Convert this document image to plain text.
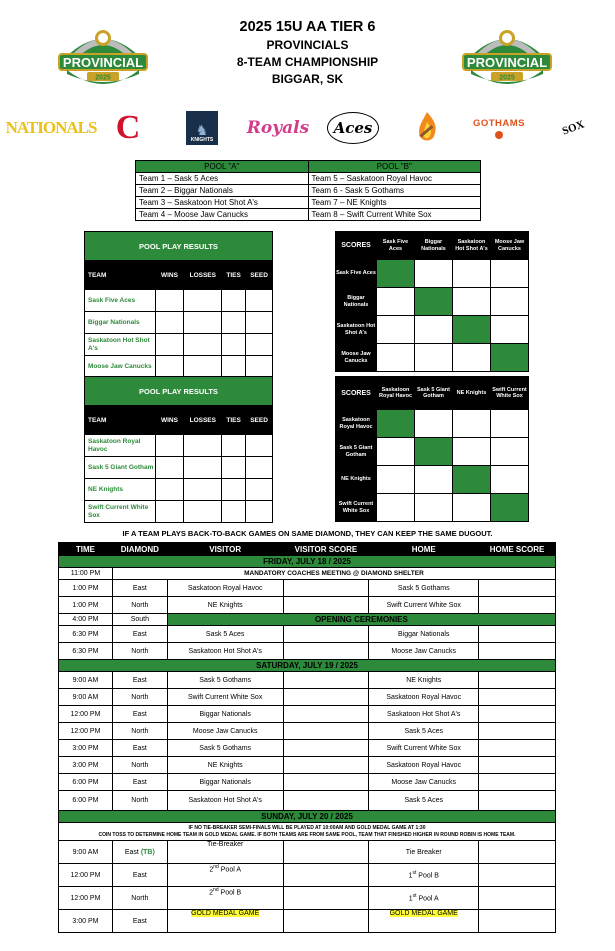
2025 15U AA TIER 6
PROVINCIALS
8-TEAM CHAMPIONSHIP
BIGGAR, SK
PROVINCIAL
2025
PROVINCIAL
2025
NATIONALS C	♞
KNIGHTS
Royals Aces	GOTHAMS	SOX
POOL "A"	POOL "B"
Team 1 – Sask 5 Aces	Team 5 – Saskatoon Royal Havoc
Team 2 – Biggar Nationals	Team 6 - Sask 5 Gothams
Team 3 – Saskatoon Hot Shot A's	Team 7 – NE Knights
Team 4 – Moose Jaw Canucks	Team 8 – Swift Current White Sox
POOL PLAY RESULTS				
TEAM	WINS	LOSSES	TIES	SEED
Sask Five Aces				
Biggar Nationals				
Saskatoon Hot Shot A's				
Moose Jaw Canucks				
POOL PLAY RESULTS				
TEAM	WINS	LOSSES	TIES	SEED
Saskatoon Royal Havoc				
Sask 5 Giant Gotham				
NE Knights				
Swift Current White Sox				
SCORES	Sask Five Aces	Biggar Nationals	Saskatoon Hot Shot A's	Moose Jaw Canucks
Sask Five Aces				
Biggar Nationals				
Saskatoon Hot Shot A's				
Moose Jaw Canucks				
SCORES	Saskatoon Royal Havoc	Sask 5 Giant Gotham	NE Knights	Swift Current White Sox
Saskatoon Royal Havoc				
Sask 5 Giant Gotham				
NE Knights				
Swift Current White Sox				
IF A TEAM PLAYS BACK-TO-BACK GAMES ON SAME DIAMOND, THEY CAN KEEP THE SAME DUGOUT.
TIME	DIAMOND	VISITOR	VISITOR SCORE	HOME	HOME SCORE
FRIDAY, JULY 18 / 2025					
11:00 PM	MANDATORY COACHES MEETING @ DIAMOND SHELTER				
1:00 PM	East	Saskatoon Royal Havoc		Sask 5 Gothams	
1:00 PM	North	NE Knights		Swift Current White Sox	
4:00 PM	South	OPENING CEREMONIES			
6:30 PM	East	Sask 5 Aces		Biggar Nationals	
6:30 PM	North	Saskatoon Hot Shot A's		Moose Jaw Canucks	
SATURDAY, JULY 19 / 2025					
9:00 AM	East	Sask 5 Gothams		NE Knights	
9:00 AM	North	Swift Current White Sox		Saskatoon Royal Havoc	
12:00 PM	East	Biggar Nationals		Saskatoon Hot Shot A's	
12:00 PM	North	Moose Jaw Canucks		Sask 5 Aces	
3:00 PM	East	Sask 5 Gothams		Swift Current White Sox	
3:00 PM	North	NE Knights		Saskatoon Royal Havoc	
6:00 PM	East	Biggar Nationals		Moose Jaw Canucks	
6:00 PM	North	Saskatoon Hot Shot A's		Sask 5 Aces	
SUNDAY, JULY 20 / 2025					

IF NO TIE-BREAKER SEMI-FINALS WILL BE PLAYED AT 10:00AM AND GOLD MEDAL GAME AT 1:30
COIN TOSS TO DETERMINE HOME TEAM IN GOLD MEDAL GAME. IF BOTH TEAMS ARE FROM SAME POOL, TEAM THAT FINISHED HIGHER IN ROUND ROBIN IS HOME TEAM.					

9:00 AM	East (TB)	Tie-Breaker		Tie Breaker	
12:00 PM	East	2nd Pool A		1st Pool B	
12:00 PM	North	2nd Pool B		1st Pool A	
3:00 PM	East	GOLD MEDAL GAME		GOLD MEDAL GAME	
